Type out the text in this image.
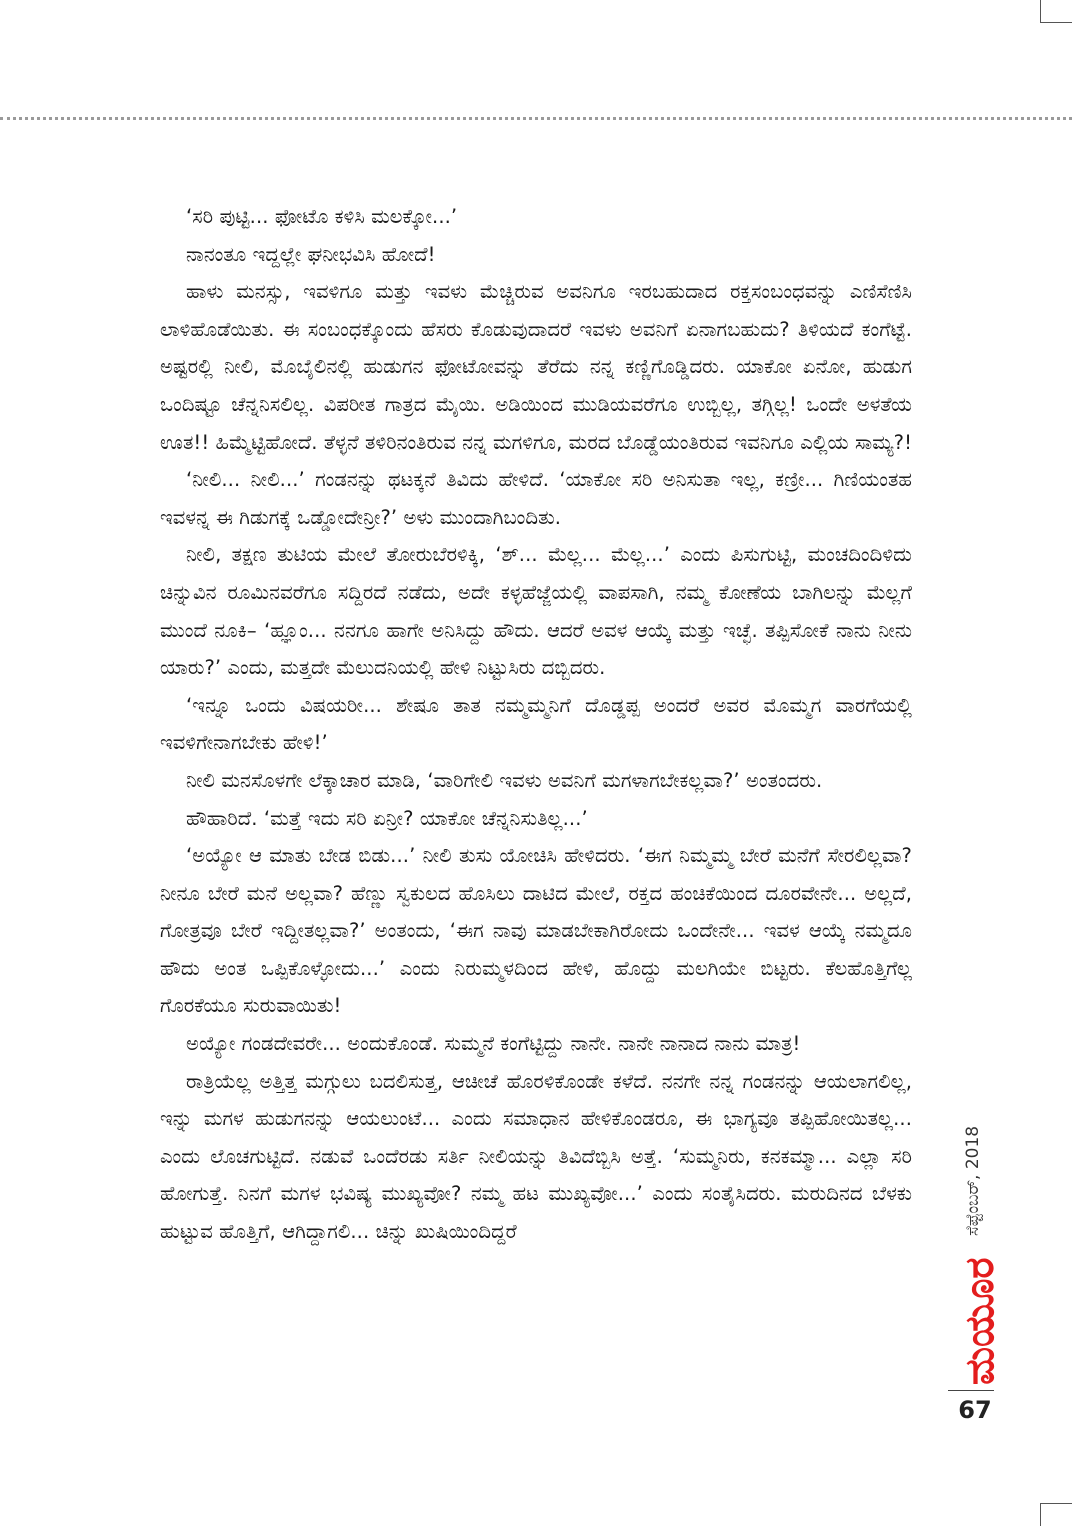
‘ಸರಿ ಪುಟ್ಟಿ... ಫೋಟೊ ಕಳಿಸಿ ಮಲಕ್ಕೋ...’

ನಾನಂತೂ ಇದ್ದಲ್ಲೇ ಘನೀಭವಿಸಿ ಹೋದೆ!

ಹಾಳು ಮನಸ್ಸು, ಇವಳಿಗೂ ಮತ್ತು ಇವಳು ಮೆಚ್ಚಿರುವ ಅವನಿಗೂ ಇರಬಹುದಾದ ರಕ್ತಸಂಬಂಧವನ್ನು ಎಣಿಸೆಣಿಸಿ ಲಾಳಿಹೊಡೆಯಿತು. ಈ ಸಂಬಂಧಕ್ಕೊಂದು ಹೆಸರು ಕೊಡುವುದಾದರೆ ಇವಳು ಅವನಿಗೆ ಏನಾಗಬಹುದು? ತಿಳಿಯದೆ ಕಂಗೆಟ್ಟೆ. ಅಷ್ಟರಲ್ಲಿ ನೀಲಿ, ಮೊಬೈಲಿನಲ್ಲಿ ಹುಡುಗನ ಫೋಟೋವನ್ನು ತೆರೆದು ನನ್ನ ಕಣ್ಣಿಗೊಡ್ಡಿದರು. ಯಾಕೋ ಏನೋ, ಹುಡುಗ ಒಂದಿಷ್ಟೂ ಚೆನ್ನನಿಸಲಿಲ್ಲ. ವಿಪರೀತ ಗಾತ್ರದ ಮೈಯಿ. ಅಡಿಯಿಂದ ಮುಡಿಯವರೆಗೂ ಉಬ್ಬಿಲ್ಲ, ತಗ್ಗಿಲ್ಲ! ಒಂದೇ ಅಳತೆಯ ಊತ!! ಹಿಮ್ಮೆಟ್ಟಿಹೋದೆ. ತೆಳ್ಳನೆ ತಳಿರಿನಂತಿರುವ ನನ್ನ ಮಗಳಿಗೂ, ಮರದ ಬೊಡ್ಡೆಯಂತಿರುವ ಇವನಿಗೂ ಎಲ್ಲಿಯ ಸಾಮ್ಯ?!

‘ನೀಲಿ... ನೀಲಿ...’ ಗಂಡನನ್ನು ಥಟಕ್ಕನೆ ತಿವಿದು ಹೇಳಿದೆ. ‘ಯಾಕೋ ಸರಿ ಅನಿಸುತಾ ಇಲ್ಲ, ಕಣ್ರೀ... ಗಿಣಿಯಂತಹ ಇವಳನ್ನ ಈ ಗಿಡುಗಕ್ಕೆ ಒಡ್ಡೋದೇನ್ರೀ?’ ಅಳು ಮುಂದಾಗಿಬಂದಿತು.

ನೀಲಿ, ತಕ್ಷಣ ತುಟಿಯ ಮೇಲೆ ತೋರುಬೆರಳಿಕ್ಕಿ, ‘ಶ್... ಮೆಲ್ಲ... ಮೆಲ್ಲ...’ ಎಂದು ಪಿಸುಗುಟ್ಟಿ, ಮಂಚದಿಂದಿಳಿದು ಚಿನ್ನುವಿನ ರೂಮಿನವರೆಗೂ ಸದ್ದಿರದೆ ನಡೆದು, ಅದೇ ಕಳ್ಳಹೆಜ್ಜೆಯಲ್ಲಿ ವಾಪಸಾಗಿ, ನಮ್ಮ ಕೋಣೆಯ ಬಾಗಿಲನ್ನು ಮೆಲ್ಲಗೆ ಮುಂದೆ ನೂಕಿ– ‘ಹ್ಞೂಂ... ನನಗೂ ಹಾಗೇ ಅನಿಸಿದ್ದು ಹೌದು. ಆದರೆ ಅವಳ ಆಯ್ಕೆ ಮತ್ತು ಇಚ್ಛೆ. ತಪ್ಪಿಸೋಕೆ ನಾನು ನೀನು ಯಾರು?’ ಎಂದು, ಮತ್ತದೇ ಮೆಲುದನಿಯಲ್ಲಿ ಹೇಳಿ ನಿಟ್ಟುಸಿರು ದಬ್ಬಿದರು.

‘ಇನ್ನೂ ಒಂದು ವಿಷಯರೀ... ಶೇಷೂ ತಾತ ನಮ್ಮಮ್ಮನಿಗೆ ದೊಡ್ಡಪ್ಪ ಅಂದರೆ ಅವರ ಮೊಮ್ಮಗ ವಾರಗೆಯಲ್ಲಿ ಇವಳಿಗೇನಾಗಬೇಕು ಹೇಳಿ!’

ನೀಲಿ ಮನಸೊಳಗೇ ಲೆಕ್ಕಾಚಾರ ಮಾಡಿ, ‘ವಾರಿಗೇಲಿ ಇವಳು ಅವನಿಗೆ ಮಗಳಾಗಬೇಕಲ್ಲವಾ?’ ಅಂತಂದರು.

ಹೌಹಾರಿದೆ. ‘ಮತ್ತೆ ಇದು ಸರಿ ಏನ್ರೀ? ಯಾಕೋ ಚೆನ್ನನಿಸುತಿಲ್ಲ...’

‘ಅಯ್ಯೋ ಆ ಮಾತು ಬೇಡ ಬಿಡು...’ ನೀಲಿ ತುಸು ಯೋಚಿಸಿ ಹೇಳಿದರು. ‘ಈಗ ನಿಮ್ಮಮ್ಮ ಬೇರೆ ಮನೆಗೆ ಸೇರಲಿಲ್ಲವಾ? ನೀನೂ ಬೇರೆ ಮನೆ ಅಲ್ಲವಾ? ಹೆಣ್ಣು ಸ್ವಕುಲದ ಹೊಸಿಲು ದಾಟಿದ ಮೇಲೆ, ರಕ್ತದ ಹಂಚಿಕೆಯಿಂದ ದೂರವೇನೇ... ಅಲ್ಲದೆ, ಗೋತ್ರವೂ ಬೇರೆ ಇದ್ದೀತಲ್ಲವಾ?’ ಅಂತಂದು, ‘ಈಗ ನಾವು ಮಾಡಬೇಕಾಗಿರೋದು ಒಂದೇನೇ... ಇವಳ ಆಯ್ಕೆ ನಮ್ಮದೂ ಹೌದು ಅಂತ ಒಪ್ಪಿಕೊಳ್ಳೋದು...’ ಎಂದು ನಿರುಮ್ಮಳದಿಂದ ಹೇಳಿ, ಹೊದ್ದು ಮಲಗಿಯೇ ಬಿಟ್ಟರು. ಕೆಲಹೊತ್ತಿಗೆಲ್ಲ ಗೊರಕೆಯೂ ಸುರುವಾಯಿತು!

ಅಯ್ಯೋ ಗಂಡದೇವರೇ... ಅಂದುಕೊಂಡೆ. ಸುಮ್ಮನೆ ಕಂಗೆಟ್ಟಿದ್ದು ನಾನೇ. ನಾನೇ ನಾನಾದ ನಾನು ಮಾತ್ರ!

ರಾತ್ರಿಯೆಲ್ಲ ಅತ್ತಿತ್ತ ಮಗ್ಗುಲು ಬದಲಿಸುತ್ತ, ಆಚೀಚೆ ಹೊರಳಿಕೊಂಡೇ ಕಳೆದೆ. ನನಗೇ ನನ್ನ ಗಂಡನನ್ನು ಆಯಲಾಗಲಿಲ್ಲ, ಇನ್ನು ಮಗಳ ಹುಡುಗನನ್ನು ಆಯಲುಂಟೆ... ಎಂದು ಸಮಾಧಾನ ಹೇಳಿಕೊಂಡರೂ, ಈ ಭಾಗ್ಯವೂ ತಪ್ಪಿಹೋಯಿತಲ್ಲ... ಎಂದು ಲೊಚಗುಟ್ಟಿದೆ. ನಡುವೆ ಒಂದೆರಡು ಸರ್ತಿ ನೀಲಿಯನ್ನು ತಿವಿದೆಬ್ಬಿಸಿ ಅತ್ತೆ. ‘ಸುಮ್ಮನಿರು, ಕನಕಮ್ಮಾ... ಎಲ್ಲಾ ಸರಿ ಹೋಗುತ್ತೆ. ನಿನಗೆ ಮಗಳ ಭವಿಷ್ಯ ಮುಖ್ಯವೋ? ನಮ್ಮ ಹಟ ಮುಖ್ಯವೋ...’ ಎಂದು ಸಂತೈಸಿದರು. ಮರುದಿನದ ಬೆಳಕು ಹುಟ್ಟುವ ಹೊತ್ತಿಗೆ, ಆಗಿದ್ದಾಗಲಿ... ಚಿನ್ನು ಖುಷಿಯಿಂದಿದ್ದರೆ	ಸೆಪ್ಟೆಂಬರ್, 2018
ಮಯೂರ
67
